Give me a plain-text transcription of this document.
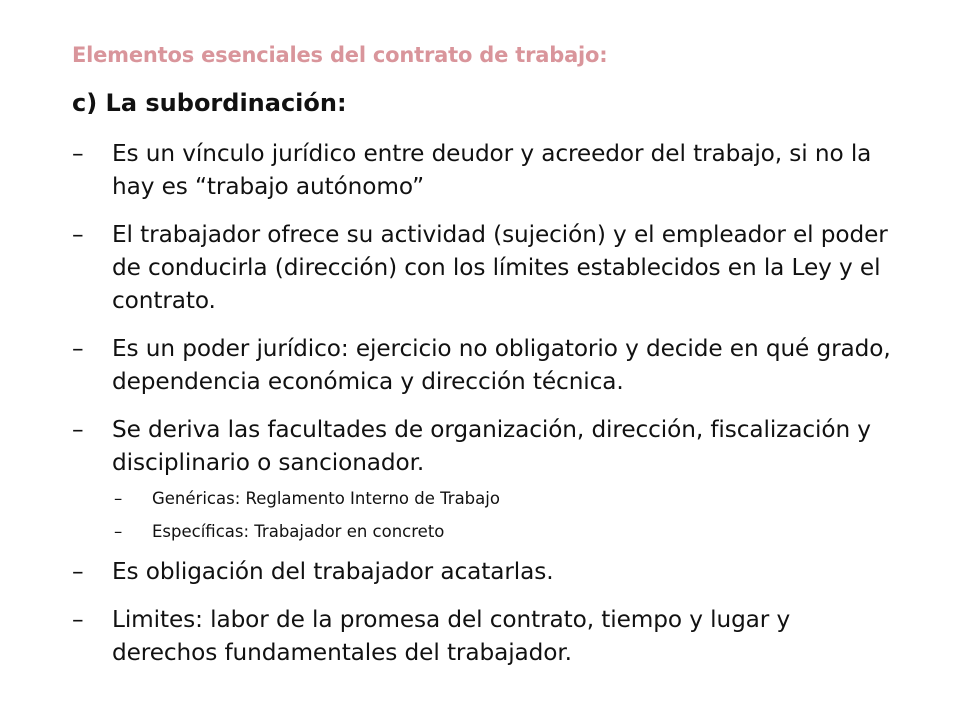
Elementos esenciales del contrato de trabajo:
c) La subordinación:
–	Es un vínculo jurídico entre deudor y acreedor del trabajo, si no la hay es “trabajo autónomo”
–	El trabajador ofrece su actividad (sujeción) y el empleador el poder de conducirla (dirección) con los límites establecidos en la Ley y el contrato.
–	Es un poder jurídico: ejercicio no obligatorio y decide en qué grado, dependencia económica y dirección técnica.
–	Se deriva las facultades de organización, dirección, fiscalización y disciplinario o sancionador.
–	Genéricas: Reglamento Interno de Trabajo
–	Específicas: Trabajador en concreto
–	Es obligación del trabajador acatarlas.
–	Limites: labor de la promesa del contrato, tiempo y lugar y derechos fundamentales del trabajador.
